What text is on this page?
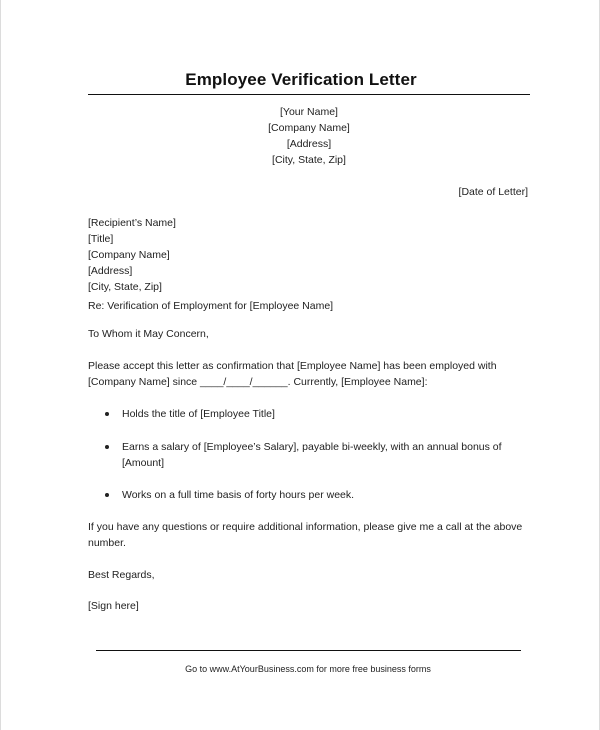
Employee Verification Letter
[Your Name]
[Company Name]
[Address]
[City, State, Zip]
[Date of Letter]
[Recipient’s Name]
[Title]
[Company Name]
[Address]
[City, State, Zip]
Re: Verification of Employment for [Employee Name]
To Whom it May Concern,
Please accept this letter as confirmation that [Employee Name] has been employed with
[Company Name] since ____/____/______. Currently, [Employee Name]:
Holds the title of [Employee Title]
Earns a salary of [Employee’s Salary], payable bi-weekly, with an annual bonus of
[Amount]
Works on a full time basis of forty hours per week.
If you have any questions or require additional information, please give me a call at the above
number.
Best Regards,
[Sign here]
Go to www.AtYourBusiness.com for more free business forms
